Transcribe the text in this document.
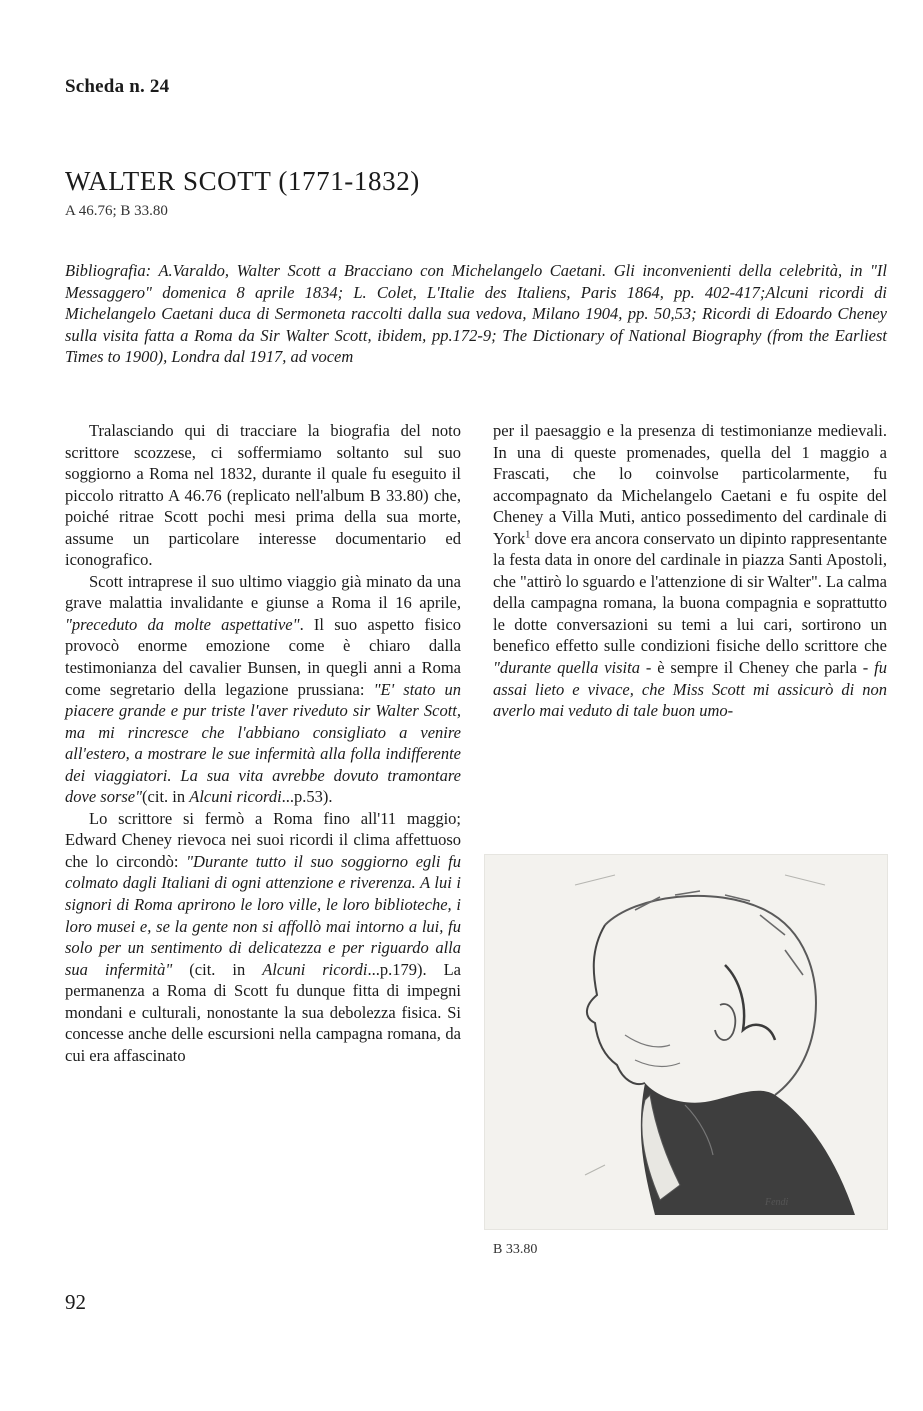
Scheda n. 24
WALTER SCOTT (1771-1832)
A 46.76; B 33.80
Bibliografia: A.Varaldo, Walter Scott a Bracciano con Michelangelo Caetani. Gli inconvenienti della celebrità, in "Il Messaggero" domenica 8 aprile 1834; L. Colet, L'Italie des Italiens, Paris 1864, pp. 402-417;Alcuni ricordi di Michelangelo Caetani duca di Sermoneta raccolti dalla sua vedova, Milano 1904, pp. 50,53; Ricordi di Edoardo Cheney sulla visita fatta a Roma da Sir Walter Scott, ibidem, pp.172-9; The Dictionary of National Biography (from the Earliest Times to 1900), Londra dal 1917, ad vocem

Tralasciando qui di tracciare la biografia del noto scrittore scozzese, ci soffermiamo soltanto sul suo soggiorno a Roma nel 1832, durante il quale fu eseguito il piccolo ritratto A 46.76 (replicato nell'album B 33.80) che, poiché ritrae Scott pochi mesi prima della sua morte, assume un particolare interesse documentario ed iconografico.

Scott intraprese il suo ultimo viaggio già minato da una grave malattia invalidante e giunse a Roma il 16 aprile, "preceduto da molte aspettative". Il suo aspetto fisico provocò enorme emozione come è chiaro dalla testimonianza del cavalier Bunsen, in quegli anni a Roma come segretario della legazione prussiana: "E' stato un piacere grande e pur triste l'aver riveduto sir Walter Scott, ma mi rincresce che l'abbiano consigliato a venire all'estero, a mostrare le sue infermità alla folla indifferente dei viaggiatori. La sua vita avrebbe dovuto tramontare dove sorse"(cit. in Alcuni ricordi...p.53).

Lo scrittore si fermò a Roma fino all'11 maggio; Edward Cheney rievoca nei suoi ricordi il clima affettuoso che lo circondò: "Durante tutto il suo soggiorno egli fu colmato dagli Italiani di ogni attenzione e riverenza. A lui i signori di Roma aprirono le loro ville, le loro biblioteche, i loro musei e, se la gente non si affollò mai intorno a lui, fu solo per un sentimento di delicatezza e per riguardo alla sua infermità" (cit. in Alcuni ricordi...p.179). La permanenza a Roma di Scott fu dunque fitta di impegni mondani e culturali, nonostante la sua debolezza fisica. Si concesse anche delle escursioni nella campagna romana, da cui era affascinato

per il paesaggio e la presenza di testimonianze medievali. In una di queste promenades, quella del 1 maggio a Frascati, che lo coinvolse particolarmente, fu accompagnato da Michelangelo Caetani e fu ospite del Cheney a Villa Muti, antico possedimento del cardinale di York$^1$ dove era ancora conservato un dipinto rappresentante la festa data in onore del cardinale in piazza Santi Apostoli, che "attirò lo sguardo e l'attenzione di sir Walter". La calma della campagna romana, la buona compagnia e soprattutto le dotte conversazioni su temi a lui cari, sortirono un benefico effetto sulle condizioni fisiche dello scrittore che "durante quella visita - è sempre il Cheney che parla - fu assai lieto e vivace, che Miss Scott mi assicurò di non averlo mai veduto di tale buon umo-

Fendi
B 33.80
92
